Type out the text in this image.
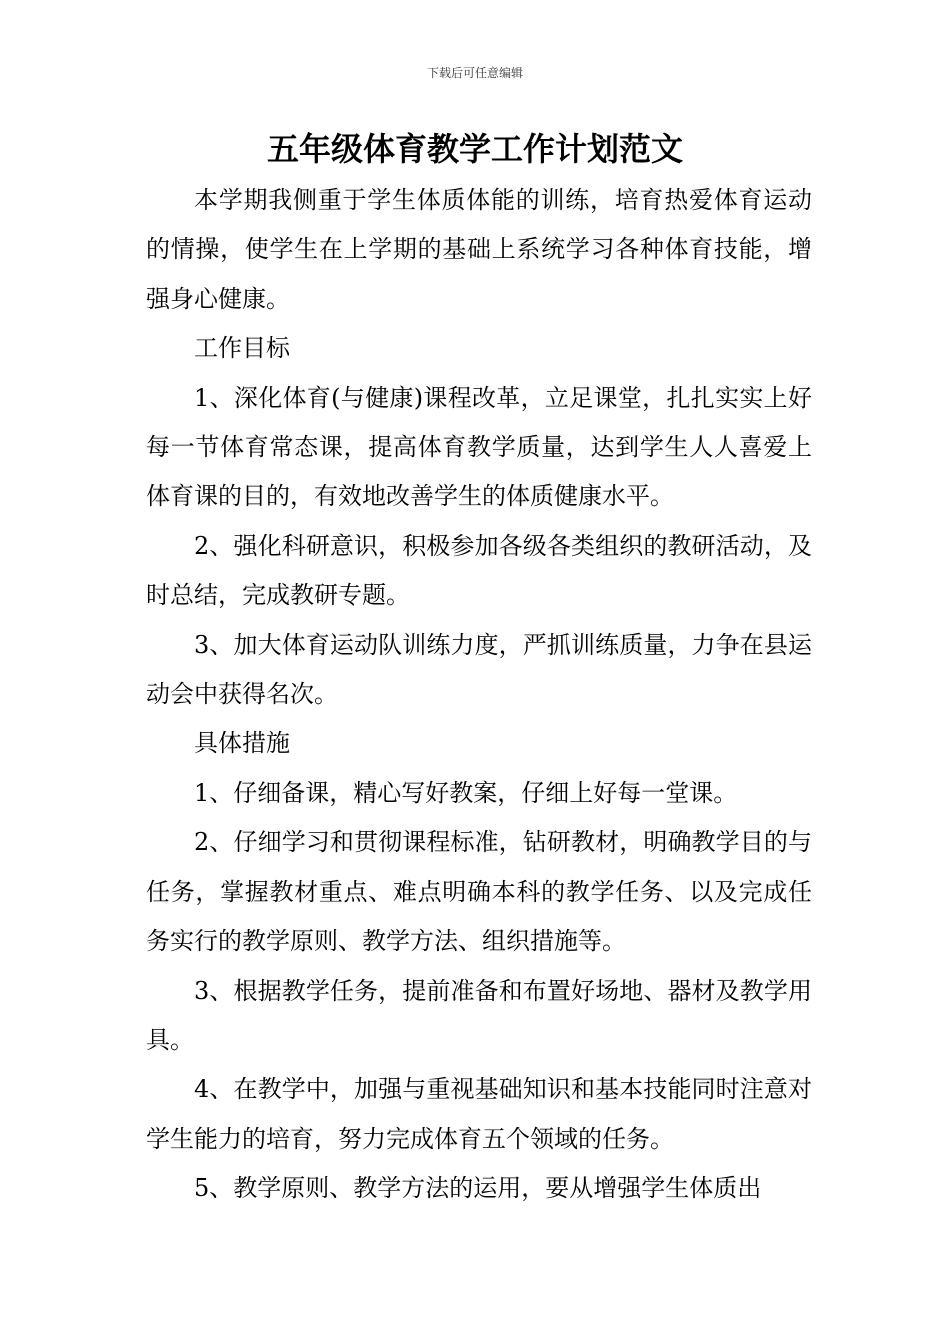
下载后可任意编辑
五年级体育教学工作计划范文

本学期我侧重于学生体质体能的训练，培育热爱体育运动的情操，使学生在上学期的基础上系统学习各种体育技能，增强身心健康。

工作目标

1、深化体育(与健康)课程改革，立足课堂，扎扎实实上好每一节体育常态课，提高体育教学质量，达到学生人人喜爱上体育课的目的，有效地改善学生的体质健康水平。

2、强化科研意识，积极参加各级各类组织的教研活动，及时总结，完成教研专题。

3、加大体育运动队训练力度，严抓训练质量，力争在县运动会中获得名次。

具体措施

1、仔细备课，精心写好教案，仔细上好每一堂课。

2、仔细学习和贯彻课程标准，钻研教材，明确教学目的与任务，掌握教材重点、难点明确本科的教学任务、以及完成任务实行的教学原则、教学方法、组织措施等。

3、根据教学任务，提前准备和布置好场地、器材及教学用具。

4、在教学中，加强与重视基础知识和基本技能同时注意对学生能力的培育，努力完成体育五个领域的任务。

5、教学原则、教学方法的运用，要从增强学生体质出
